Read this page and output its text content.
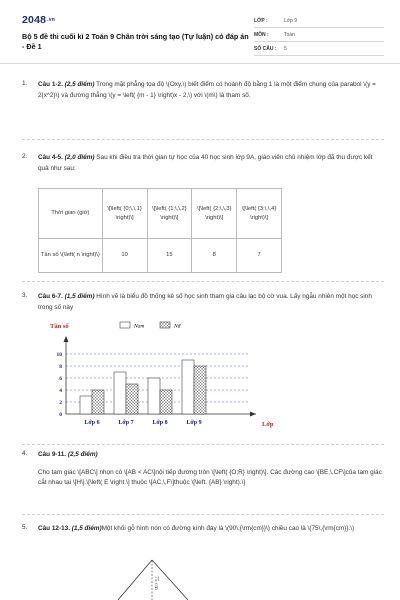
2048.vn
Bộ 5 đề thi cuối kì 2 Toán 9 Chân trời sáng tạo (Tự luận) có đáp án - Đề 1
LỚP :	Lớp 9
MÔN :	Toán
SỐ CÂU :	5
1.	Câu 1-2. (2,5 điểm) Trong mặt phẳng tọa độ \(Oxy,\) biết điểm có hoành độ bằng 1 là một điểm chung của parabol \(y = 2{x^2}\) và đường thẳng \(y = \left( {m - 1} \right)x - 2,\) với \(m\) là tham số.
2.	Câu 4-5. (2,0 điểm) Sau khi điều tra thời gian tự học của 40 học sinh lớp 9A, giáo viên chủ nhiệm lớp đã thu được kết quả như sau:
Thời gian (giờ)	\[\left( {0;\,\,1} \right)\]	\[\left( {1;\,\,2} \right)\]	\[\left( {2;\,\,3} \right)\]	\[\left( {3;\,\,4} \right)\]
Tần số \(\left( n \right)\)	10	15	8	7
3.	Câu 6-7. (1,5 điểm) Hình vẽ là biểu đồ thống kê số học sinh tham gia câu lạc bộ cờ vua. Lấy ngẫu nhiên một học sinh trong số này
Tần số
Lớp
0
2
4
6
8
10
Nam	Nữ
Lớp 6	Lớp 7	Lớp 8	Lớp 9
4.	Câu 9-11. (2,5 điểm)
Cho tam giác \[ABC\] nhọn có \[AB < AC\]nội tiếp đường tròn \[\left( {O;R} \right)\]. Các đường cao \[BE,\,CF\]của tam giác cắt nhau tại \[H\].\[\left( E \right.\] thuộc \[AC,\,F\]thuộc \[\left. {AB} \right).\]
5.	Câu 12-13. (1,5 điểm)Một khối gỗ hình nón có đường kính đáy là \(90\,{\rm{cm}}\) chiều cao là \(75\,{\rm{cm}}.\)
75 cm
